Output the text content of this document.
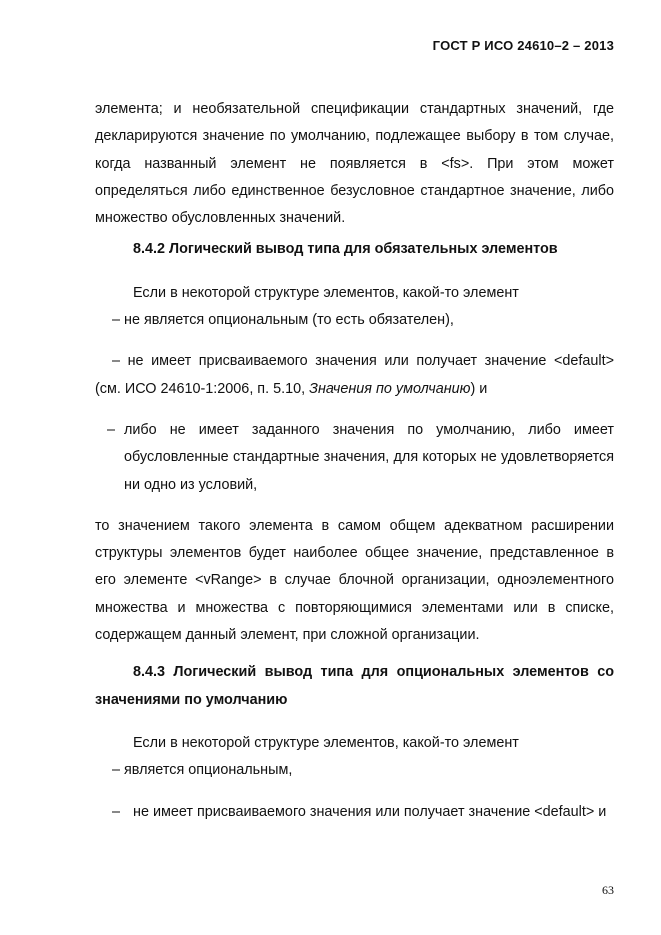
ГОСТ Р ИСО 24610–2 – 2013

элемента; и необязательной спецификации стандартных значений, где декларируются значение по умолчанию, подлежащее выбору в том случае, когда названный элемент не появляется в <fs>. При этом может определяться либо единственное безусловное стандартное значение, либо множество обусловленных значений.

8.4.2 Логический вывод типа для обязательных элементов

Если в некоторой структуре элементов, какой-то элемент

– не является опциональным (то есть обязателен),

– не имеет присваиваемого значения или получает значение <default> (см. ИСО 24610-1:2006, п. 5.10, Значения по умолчанию) и

– либо не имеет заданного значения по умолчанию, либо имеет обусловленные стандартные значения, для которых не удовлетворяется ни одно из условий,

то значением такого элемента в самом общем адекватном расширении структуры элементов будет наиболее общее значение, представленное в его элементе <vRange> в случае блочной организации, одноэлементного множества и множества с повторяющимися элементами или в списке, содержащем данный элемент, при сложной организации.

8.4.3 Логический вывод типа для опциональных элементов со значениями по умолчанию

Если в некоторой структуре элементов, какой-то элемент

– является опциональным,

– не имеет присваиваемого значения или получает значение <default> и

63
